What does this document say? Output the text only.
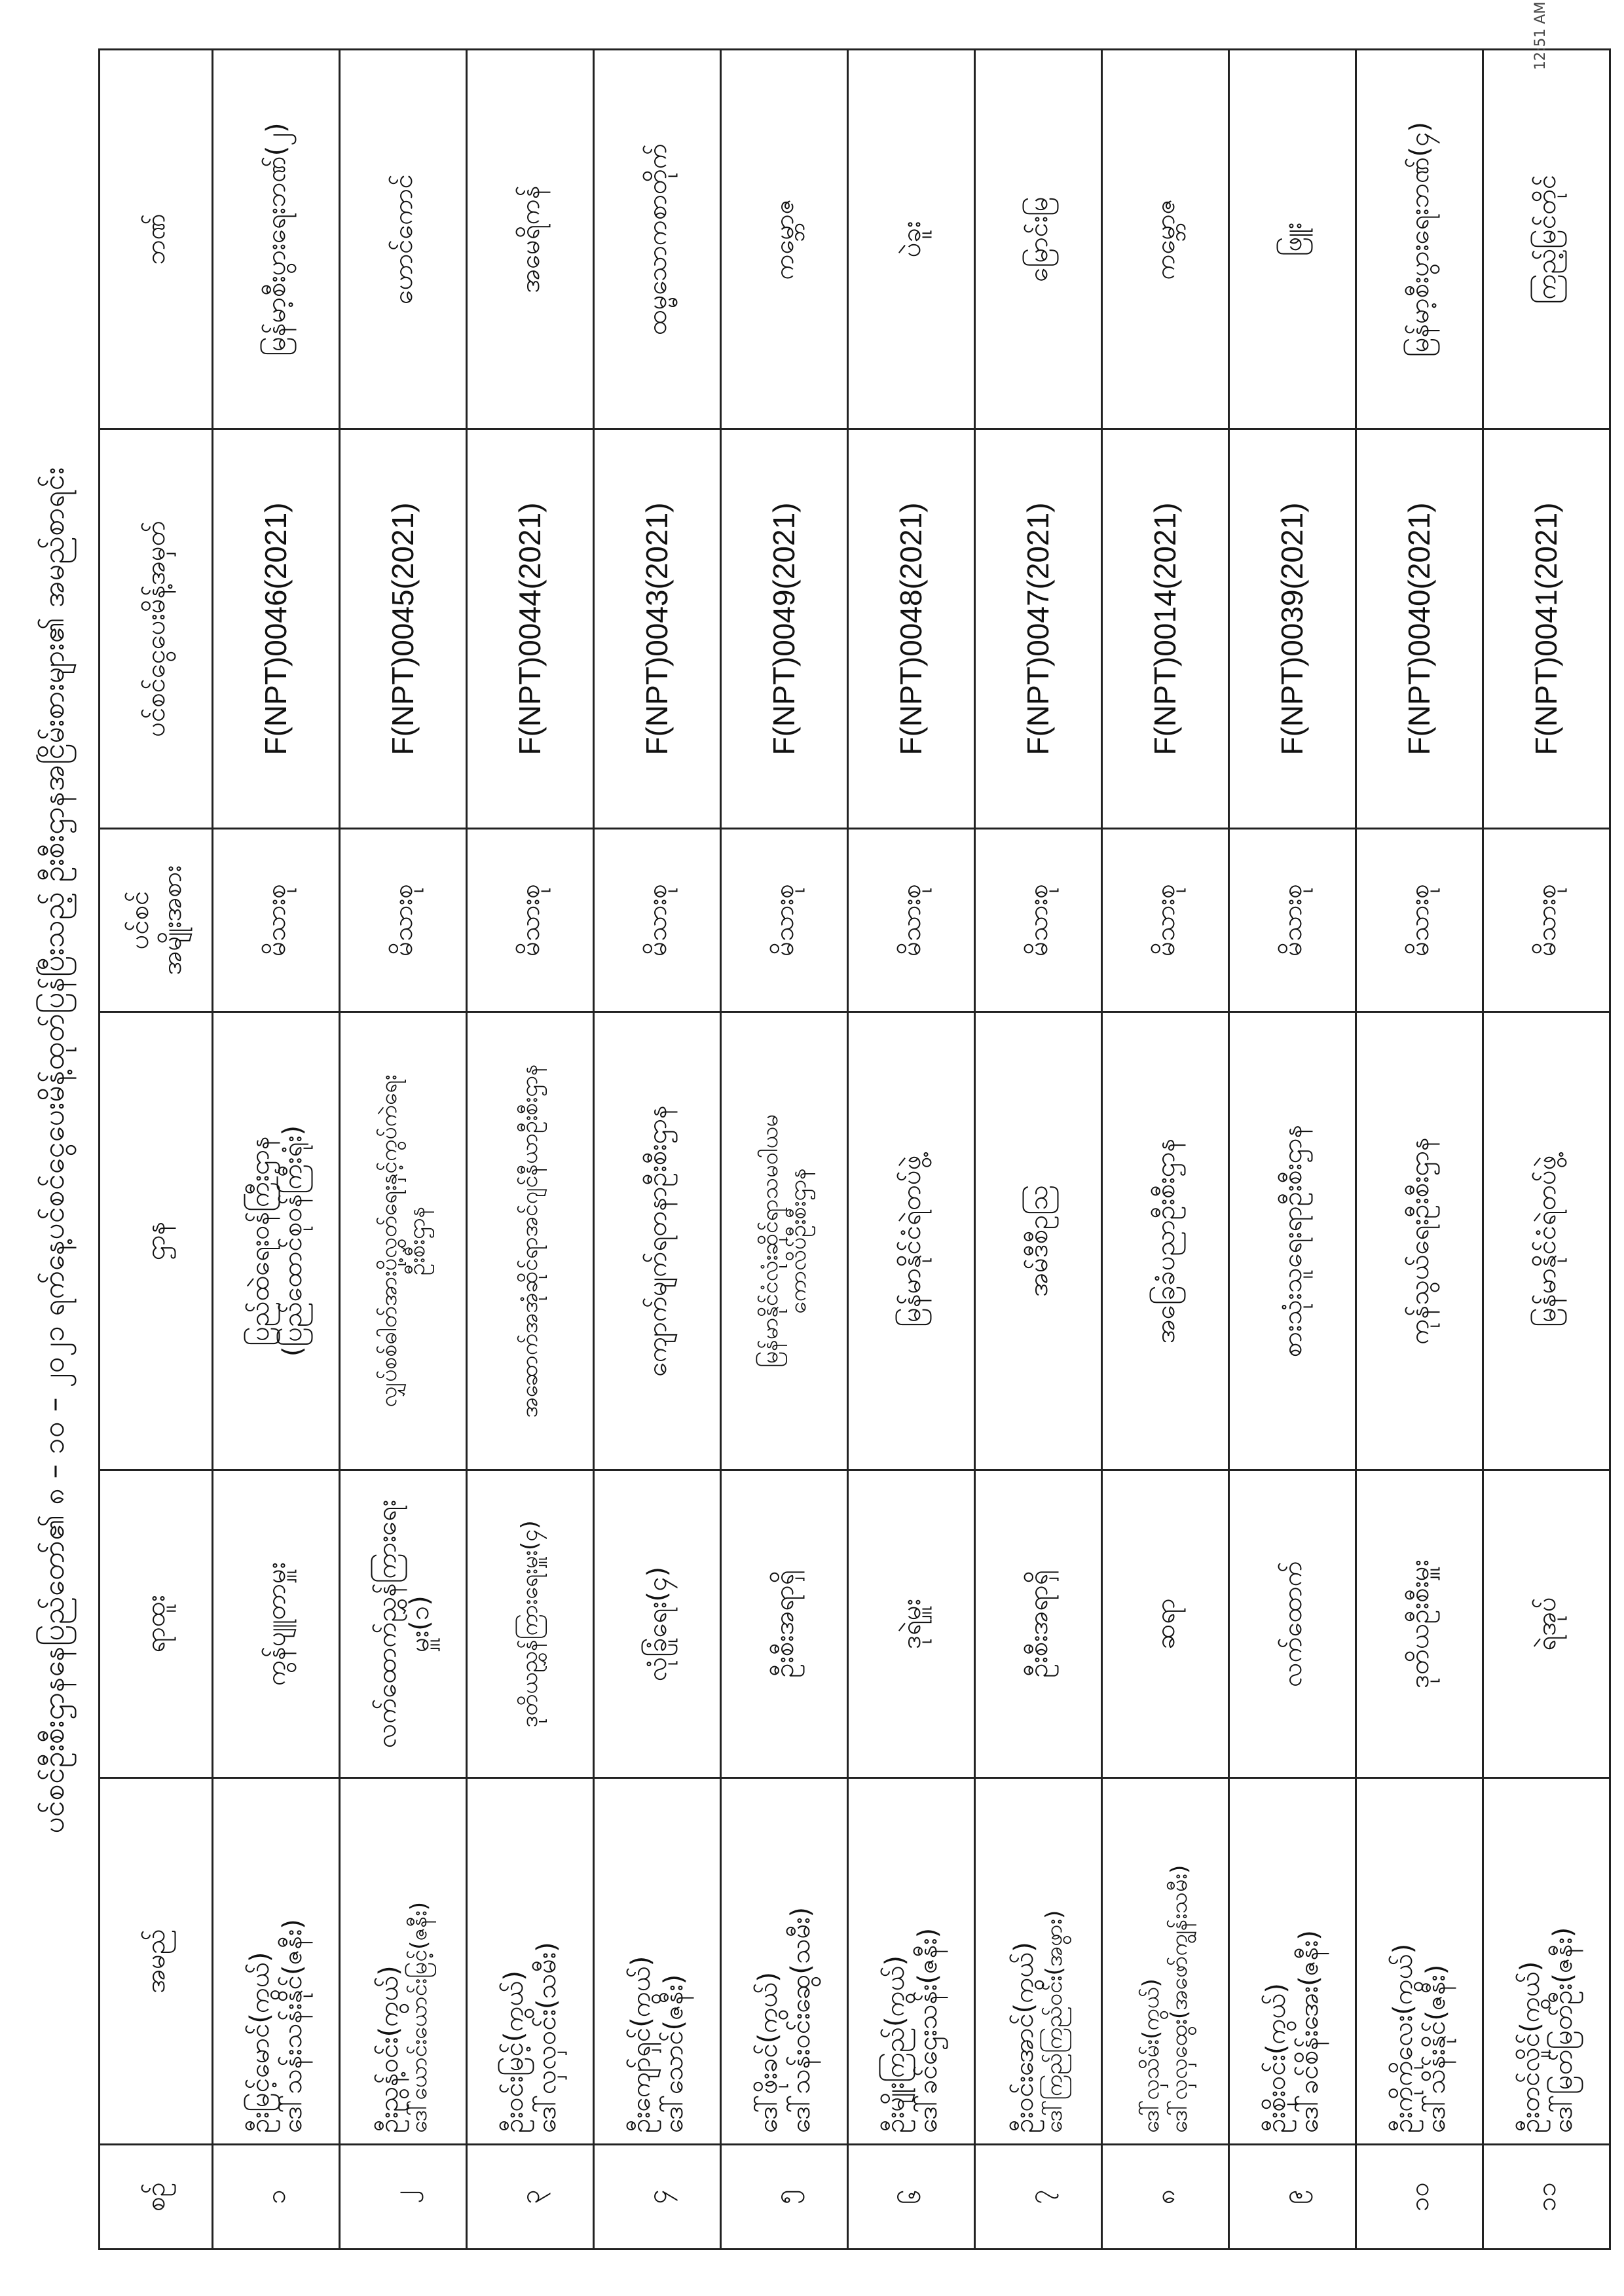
ပင်စင်ဦးစီးဌာနနေပြည်တော်၏ ၈ – ၁၀ – ၂၀၂၁ ရက်နေ့ပင်စင်ငွေပေးမိန့်ထုတ်ပြန်ပြီးသည့် ဦးစီးဌာနအငြိမ်းစားများ၏ အမည်စာရင်း
စဉ်	အမည်	ရာထူး	ဌာန	ပင်စင် အမျိုးအစား	ပင်စင်ငွေပေးမိန့်အမှတ်	ဘဏ်
၁	ဦးမြင့်မောင်(ကွယ်) ဒေါ်သန်းသန်းနိုင်(ဇနီး)	ကွန်ပျူတာမှူး	ပြည်ထဲရေးဝန်ကြီးဌာန (ပြည်ထောင်စုဝန်ကြီးရုံး)	မိသားစု	F(NPT)0046(2021)	မြန်မာ့စီးပွားရေးဘဏ်(၂)
၂	ဦးညွန့်ဝင်း(ကွယ်) ဒေါ်ယောင်းယောင်းမြင့်(ဇနီး)	လက်ထောက်ညွှန်ကြားရေးမှူး(၁)	လျှပ်စစ်ဓါတ်အားပို့လွှတ်ရေးနှင့်ကွပ်ကဲရေး ဦးစီးဌာန	မိသားစု	F(NPT)0045(2021)	ဟောင်ကောင်
၃	ဦးဝင်းမြင့်(ကွယ်) ဒေါ်လှလှဝင်း(သမီး)	ဒုတိယညွှန်ကြားရေးမှူး(၄)	အဆောက်အအုံဆိုင်ရာအင်ဂျင်နီယာဦးစီးဌာန	မိသားစု	F(NPT)0044(2021)	အမေရိကန်
၄	ဦးကျော်ရှင်(ကွယ်) ဒေါ်သောင်(ဇနီး)	လုံခြုံရေး(၄)	ကျောက်မျက်ရတနာဦးစီးဌာန	မိသားစု	F(NPT)0043(2021)	ထမ္မသောကစာတိုက်
၅	ဒေါ်ဖိုးခင်(ကွယ်) ဒေါ်သန်းဝင်းဆွေ(သမီး)	ဦးစီးအရာရှိ	မြန်မာနိုင်ငံလုံးဆိုင်ရာသမဝါယမ ကောလိပ်ဦးစီးဌာန	မိသားစု	F(NPT)0049(2021)	ကမ္ဘောဇ
၆	ဦးမျိုးကြည်(ကွယ်) ဒေါ်ခင်ဌေးသန်း(ဇနီး)	ဒုရဲမှူး	မြန်မာနိုင်ငံရဲတပ်ဖွဲ့	မိသားစု	F(NPT)0048(2021)	ပဲခူး
၇	ဦးဝင်းအောင်(ကွယ်) ဒေါ်ကြည်ကြည်ဝင်း(အဖွား)	ဦးစီးအရာရှိ	အမ်ဒီစီဥသြ	မိသားစု	F(NPT)0047(2021)	မြောင်းမြ
၈	ဒေါ်လှသိမ်း(ကွယ်) ဒေါ်လှလှထွေး(အဖော်ကျွန်းသမီး)	ဆရာ	အခြေခံပညာဦးစီးဌာန	မိသားစု	F(NPT)0014(2021)	ကမ္ဘောဇ
၉	ဦးစိုးဝင်း(ကွယ်) ဒေါ်ခင်စိန်းအေး(ဇနီး)	လက်ထောက်	စားသုံးသူရေးရာဦးစီးဌာန	မိသားစု	F(NPT)0039(2021)	ဖြူး
၁၀	ဦးကိုကိုလေး(ကွယ်) ဒေါ်သိန်းနိုင်(ဇနီး)	ဒုတိယဦးစီးမှူး	ကုန်သွယ်ရေးဦးစီးဌာန	မိသားစု	F(NPT)0040(2021)	မြန်မာ့စီးပွားရေးဘဏ်(၄)
၁၁	ဦးတင်လှိုင်(ကွယ်) ဒေါ်မြတ်မြတ်ဦး(ဇနီး)	ရဲအုပ်	မြန်မာနိုင်ငံရဲတပ်ဖွဲ့	မိသားစု	F(NPT)0041(2021)	ကြည့်မြင်တိုင်
12:51 AM
